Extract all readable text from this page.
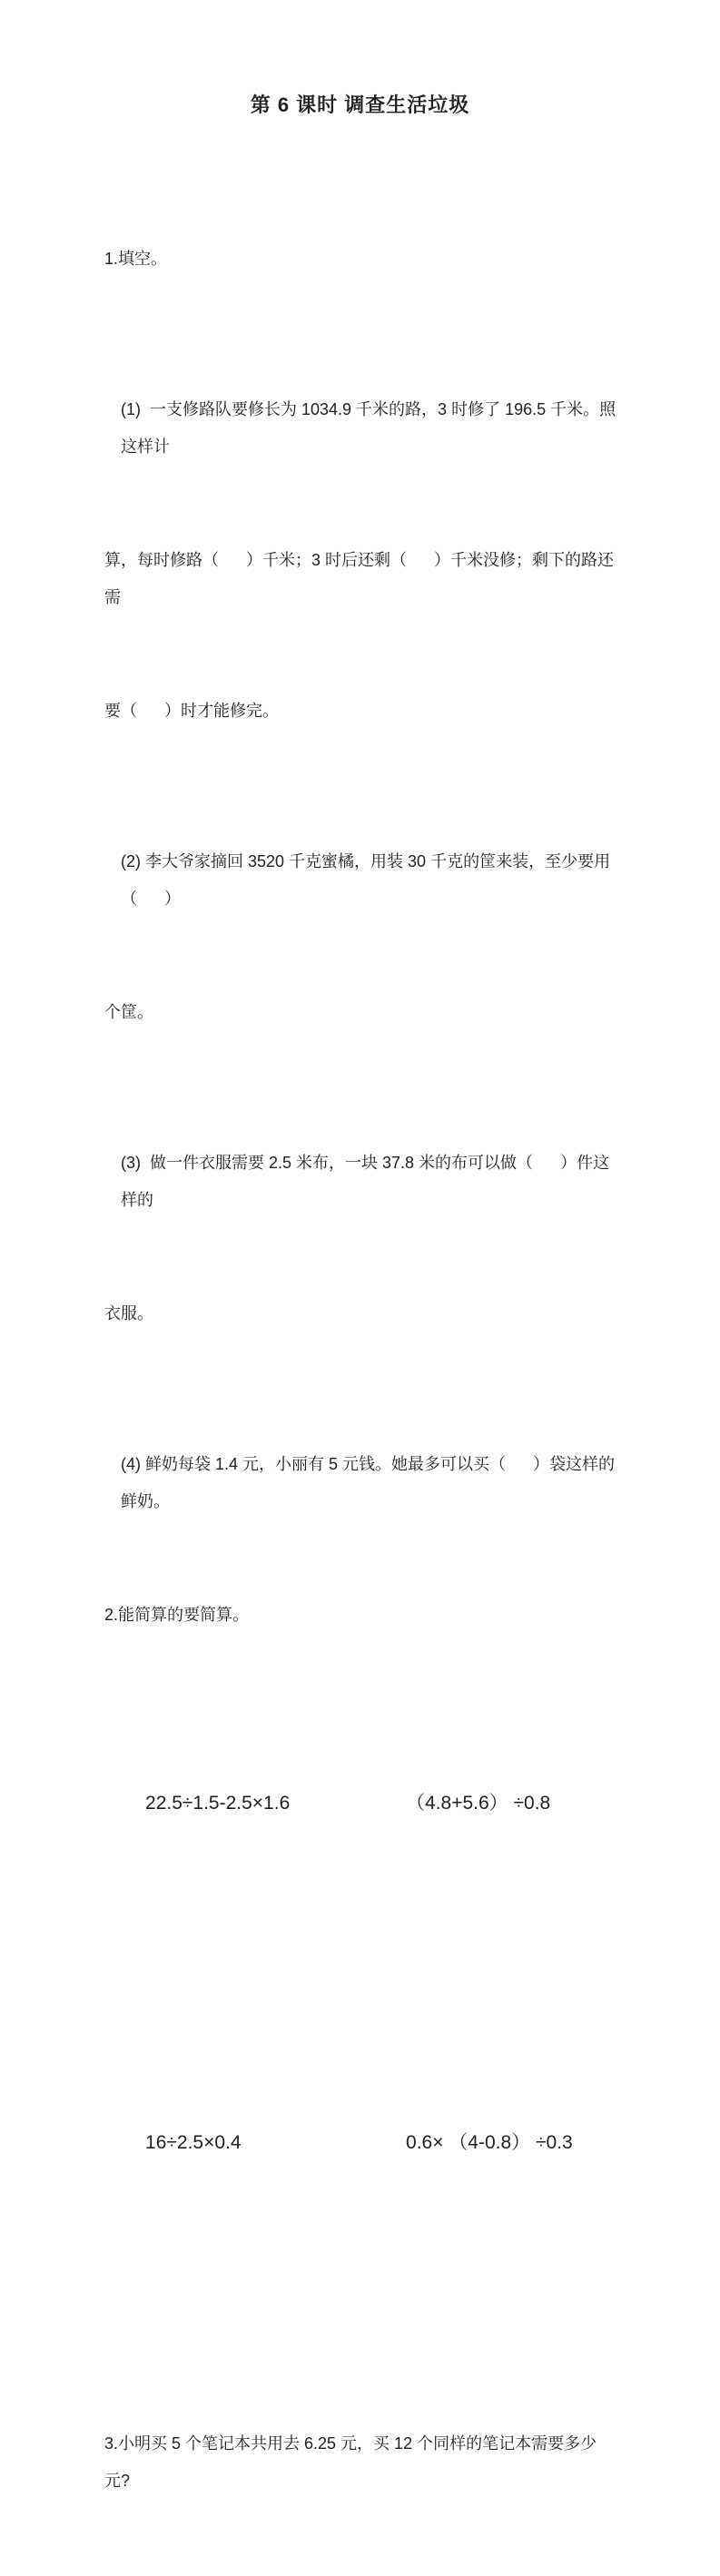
第 6 课时 调查生活垃圾

1.填空。

(1)  一支修路队要修长为 1034.9 千米的路，3 时修了 196.5 千米。照这样计

算，每时修路（      ）千米；3 时后还剩（      ）千米没修；剩下的路还需

要（      ）时才能修完。

(2) 李大爷家摘回 3520 千克蜜橘，用装 30 千克的筐来装，至少要用（      ）

个筐。

(3)  做一件衣服需要 2.5 米布，一块 37.8 米的布可以做（      ）件这样的

衣服。

(4) 鲜奶每袋 1.4 元，小丽有 5 元钱。她最多可以买（      ）袋这样的鲜奶。

2.能简算的要简算。

22.5÷1.5-2.5×1.6	（4.8+5.6） ÷0.8

16÷2.5×0.4	0.6× （4-0.8） ÷0.3

3.小明买 5 个笔记本共用去 6.25 元，买 12 个同样的笔记本需要多少元?
